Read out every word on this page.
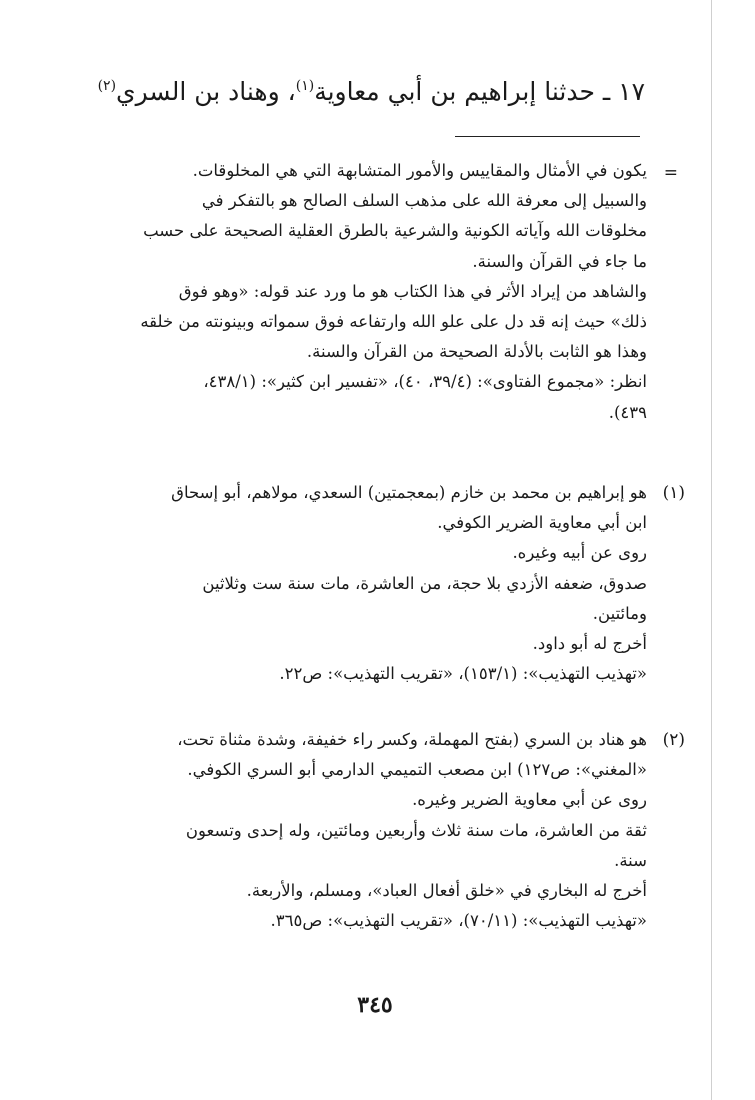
١٧ ـ حدثنا إبراهيم بن أبي معاوية$^{(١)}$، وهناد بن السري$^{(٢)}$
=
يكون في الأمثال والمقاييس والأمور المتشابهة التي هي المخلوقات.
والسبيل إلى معرفة الله على مذهب السلف الصالح هو بالتفكر في
مخلوقات الله وآياته الكونية والشرعية بالطرق العقلية الصحيحة على حسب
ما جاء في القرآن والسنة.
والشاهد من إيراد الأثر في هذا الكتاب هو ما ورد عند قوله: «وهو فوق
ذلك» حيث إنه قد دل على علو الله وارتفاعه فوق سمواته وبينونته من خلقه
وهذا هو الثابت بالأدلة الصحيحة من القرآن والسنة.
انظر: «مجموع الفتاوى»: (٣٩/٤، ٤٠)، «تفسير ابن كثير»: (٤٣٨/١،
٤٣٩).
(١)
هو إبراهيم بن محمد بن خازم (بمعجمتين) السعدي، مولاهم، أبو إسحاق
ابن أبي معاوية الضرير الكوفي.
روى عن أبيه وغيره.
صدوق، ضعفه الأزدي بلا حجة، من العاشرة، مات سنة ست وثلاثين
ومائتين.
أخرج له أبو داود.
«تهذيب التهذيب»: (١٥٣/١)، «تقريب التهذيب»: ص٢٢.
(٢)
هو هناد بن السري (بفتح المهملة، وكسر راء خفيفة، وشدة مثناة تحت،
«المغني»: ص١٢٧) ابن مصعب التميمي الدارمي أبو السري الكوفي.
روى عن أبي معاوية الضرير وغيره.
ثقة من العاشرة، مات سنة ثلاث وأربعين ومائتين، وله إحدى وتسعون
سنة.
أخرج له البخاري في «خلق أفعال العباد»، ومسلم، والأربعة.
«تهذيب التهذيب»: (٧٠/١١)، «تقريب التهذيب»: ص٣٦٥.
٣٤٥
